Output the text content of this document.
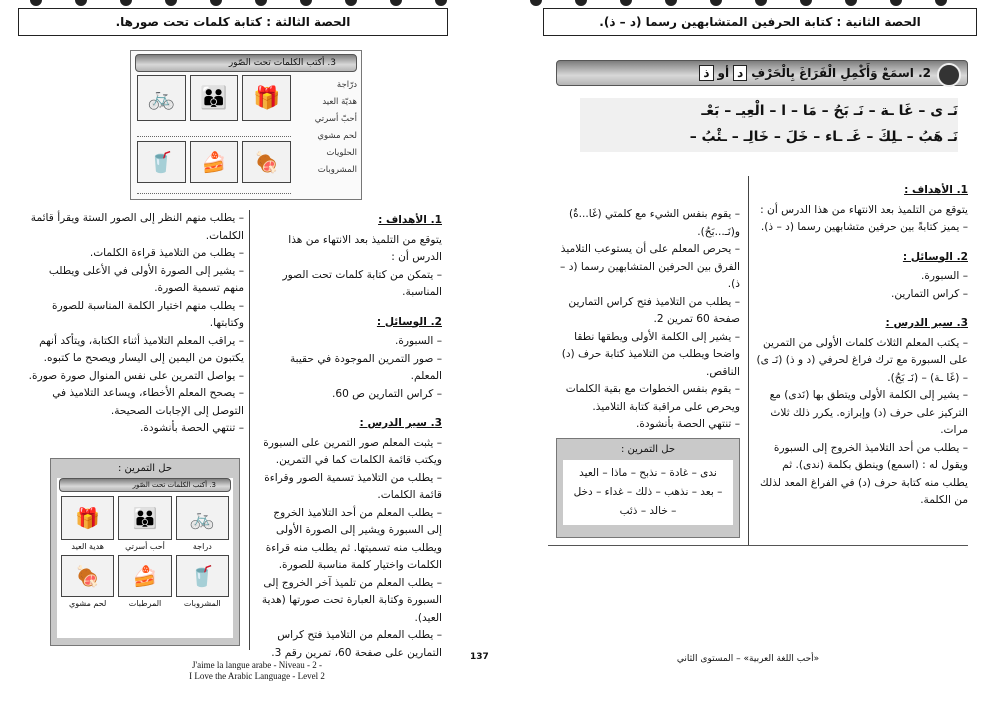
الحصة الثالثة : كتابة كلمات تحت صورها.
3. أكتب الكلمات تحت الصّور
درّاجة
هديّة العيد
أحبّ أسرتي
لحم مشوي
الحلويات
المشروبات
🚲	👪	🎁
🥤	🍰	🍖
1. الأهداف :

يتوقع من التلميذ بعد الانتهاء من هذا الدرس أن :

– يتمكن من كتابة كلمات تحت الصور المناسبة.

2. الوسائل :

– السبورة.

– صور التمرين الموجودة في حقيبة المعلم.

– كراس التمارين ص 60.

3. سير الدرس :

– يثبت المعلم صور التمرين على السبورة ويكتب قائمة الكلمات كما في التمرين.

– يطلب من التلاميذ تسمية الصور وقراءة قائمة الكلمات.

– يطلب المعلم من أحد التلاميذ الخروج إلى السبورة ويشير إلى الصورة الأولى ويطلب منه تسميتها. ثم يطلب منه قراءة الكلمات واختيار كلمة مناسبة للصورة.

– يطلب المعلم من تلميذ آخر الخروج إلى السبورة وكتابة العبارة تحت صورتها (هدية العيد).

– يطلب المعلم من التلاميذ فتح كراس التمارين على صفحة 60، تمرين رقم 3.

– يطلب منهم النظر إلى الصور الستة ويقرأ قائمة الكلمات.

– يطلب من التلاميذ قراءة الكلمات.

– يشير إلى الصورة الأولى في الأعلى ويطلب منهم تسمية الصورة.

– يطلب منهم اختيار الكلمة المناسبة للصورة وكتابتها.

– يراقب المعلم التلاميذ أثناء الكتابة، ويتأكد أنهم يكتبون من اليمين إلى اليسار ويصحح ما كتبوه.

– يواصل التمرين على نفس المنوال صورة صورة.

– يصحح المعلم الأخطاء، ويساعد التلاميذ في التوصل إلى الإجابات الصحيحة.

– تنتهي الحصة بأنشودة.

حل التمرين :
3. أكتب الكلمات تحت الصّور
🎁	👪	🚲
دراجة
أحب أسرتي
هدية العيد
🍖	🍰	🥤
المشروبات
المرطبات
لحم مشوي
J'aime la langue arabe - Niveau - 2 -
I Love the Arabic Language - Level 2
137
الحصة الثانية : كتابة الحرفين المتشابهين رسما (د – ذ).
2. اسمَعْ وَأَكْمِلِ الْفَرَاغَ بِالْحَرْفِ
د
أو
ذ
نَـ ى – غَا ـة – نَـ بَحُ – مَا – ا – الْعِيـ – بَعْـ
نَـ هَبُ – ـلِكَ – غَـ ـاء – خَلَ – خَالِـ – ـئْبُ –
1. الأهداف :

يتوقع من التلميذ بعد الانتهاء من هذا الدرس أن :

– يميز كتابةً بين حرفين متشابهين رسما (د – ذ).

2. الوسائل :

– السبورة.

– كراس التمارين.

3. سير الدرس :

– يكتب المعلم الثلاث كلمات الأولى من التمرين على السبورة مع ترك فراغ لحرفي (د و ذ) (نَـ ى) – (غَا ـة) – (نَـ بَحُ).

– يشير إلى الكلمة الأولى ويتطق بها (نَدى) مع التركيز على حرف (د) وإبرازه. يكرر ذلك ثلاث مرات.

– يطلب من أحد التلاميذ الخروج إلى السبورة ويقول له : (اسمع) وينطق بكلمة (ندى). ثم يطلب منه كتابة حرف (د) في الفراغ المعد لذلك من الكلمة.

– يقوم بنفس الشيء مع كلمتي (غَا...ةٌ) و(نَـ...بَحُ).

– يحرص المعلم على أن يستوعب التلاميذ الفرق بين الحرفين المتشابهين رسما (د – ذ).

– يطلب من التلاميذ فتح كراس التمارين صفحة 60 تمرين 2.

– يشير إلى الكلمة الأولى ويطقها نطقا واضحا ويطلب من التلاميذ كتابة حرف (د) الناقص.

– يقوم بنفس الخطوات مع بقية الكلمات ويحرص على مراقبة كتابة التلاميذ.

– تنتهي الحصة بأنشودة.

حل التمرين :
ندى – غادة – نذبح – ماذا – العيد
– بعد – نذهب – ذلك – غداء – دخل
– خالد – ذئب
«أحب اللغة العربية» – المستوى الثاني
